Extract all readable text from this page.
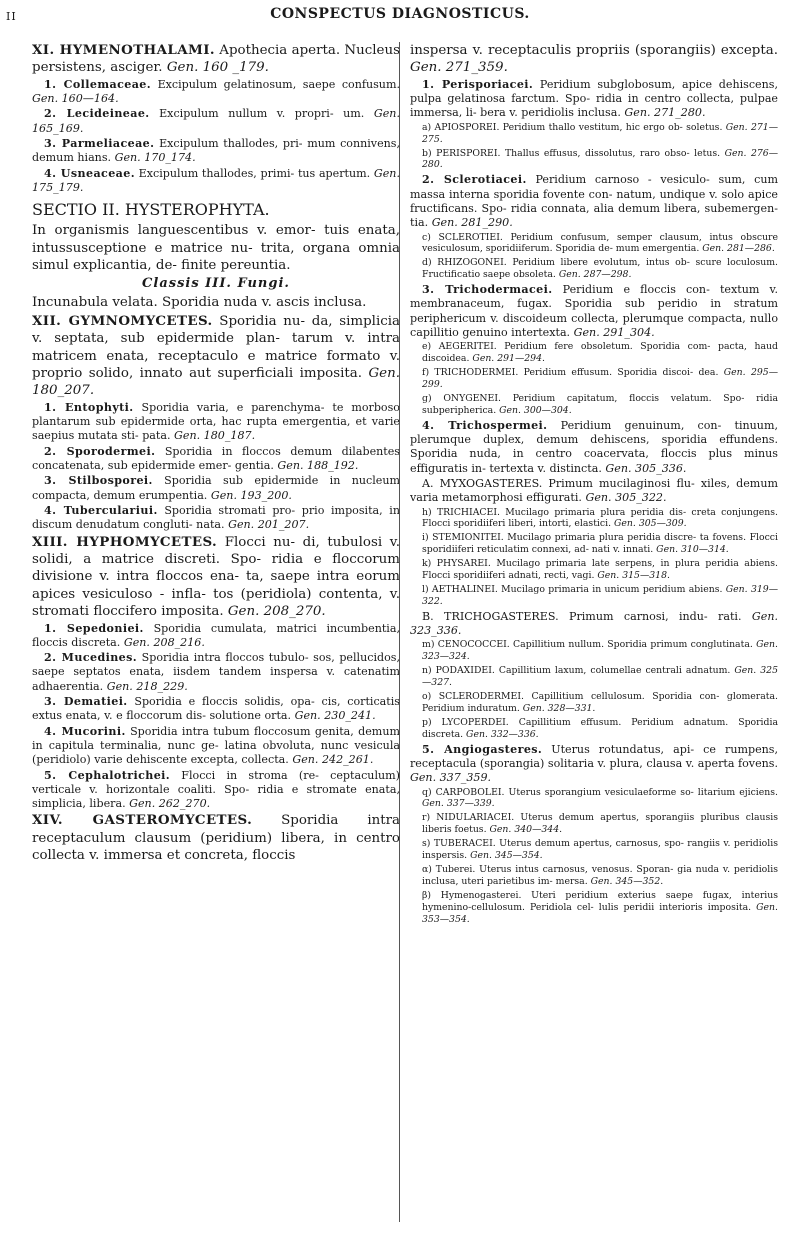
II	CONSPECTUS DIAGNOSTICUS.

XI. HYMENOTHALAMI. Apothecia aperta. Nucleus persistens, asciger. Gen. 160 _179.

1. Collemaceae. Excipulum gelatinosum, saepe confusum. Gen. 160—164.

2. Lecideineae. Excipulum nullum v. propri- um. Gen. 165_169.

3. Parmeliaceae. Excipulum thallodes, pri- mum connivens, demum hians. Gen. 170_174.

4. Usneaceae. Excipulum thallodes, primi- tus apertum. Gen. 175_179.

SECTIO II. HYSTEROPHYTA.

In organismis languescentibus v. emor- tuis enata, intussusceptione e matrice nu- trita, organa omnia simul explicantia, de- finite pereuntia.

Classis III. Fungi.

Incunabula velata. Sporidia nuda v. ascis inclusa.

XII. GYMNOMYCETES. Sporidia nu- da, simplicia v. septata, sub epidermide plan- tarum v. intra matricem enata, receptaculo e matrice formato v. proprio solido, innato aut superficiali imposita. Gen. 180_207.

1. Entophyti. Sporidia varia, e parenchyma- te morboso plantarum sub epidermide orta, hac rupta emergentia, et varie saepius mutata sti- pata. Gen. 180_187.

2. Sporodermei. Sporidia in floccos demum dilabentes concatenata, sub epidermide emer- gentia. Gen. 188_192.

3. Stilbosporei. Sporidia sub epidermide in nucleum compacta, demum erumpentia. Gen. 193_200.

4. Tuberculariui. Sporidia stromati pro- prio imposita, in discum denudatum congluti- nata. Gen. 201_207.

XIII. HYPHOMYCETES. Flocci nu- di, tubulosi v. solidi, a matrice discreti. Spo- ridia e floccorum divisione v. intra floccos ena- ta, saepe intra eorum apices vesiculoso - infla- tos (peridiola) contenta, v. stromati floccifero imposita. Gen. 208_270.

1. Sepedoniei. Sporidia cumulata, matrici incumbentia, floccis discreta. Gen. 208_216.

2. Mucedines. Sporidia intra floccos tubulo- sos, pellucidos, saepe septatos enata, iisdem tandem inspersa v. catenatim adhaerentia. Gen. 218_229.

3. Dematiei. Sporidia e floccis solidis, opa- cis, corticatis extus enata, v. e floccorum dis- solutione orta. Gen. 230_241.

4. Mucorini. Sporidia intra tubum floccosum genita, demum in capitula terminalia, nunc ge- latina obvoluta, nunc vesicula (peridiolo) varie dehiscente excepta, collecta. Gen. 242_261.

5. Cephalotrichei. Flocci in stroma (re- ceptaculum) verticale v. horizontale coaliti. Spo- ridia e stromate enata, simplicia, libera. Gen. 262_270.

XIV. GASTEROMYCETES. Sporidia intra receptaculum clausum (peridium) libera, in centro collecta v. immersa et concreta, floccis

inspersa v. receptaculis propriis (sporangiis) excepta. Gen. 271_359.

1. Perisporiacei. Peridium subglobosum, apice dehiscens, pulpa gelatinosa farctum. Spo- ridia in centro collecta, pulpae immersa, li- bera v. peridiolis inclusa. Gen. 271_280.

a) APIOSPOREI. Peridium thallo vestitum, hic ergo ob- soletus. Gen. 271—275.

b) PERISPOREI. Thallus effusus, dissolutus, raro obso- letus. Gen. 276—280.

2. Sclerotiacei. Peridium carnoso - vesiculo- sum, cum massa interna sporidia fovente con- natum, undique v. solo apice fructificans. Spo- ridia connata, alia demum libera, subemergen- tia. Gen. 281_290.

c) SCLEROTIEI. Peridium confusum, semper clausum, intus obscure vesiculosum, sporidiiferum. Sporidia de- mum emergentia. Gen. 281—286.

d) RHIZOGONEI. Peridium libere evolutum, intus ob- scure loculosum. Fructificatio saepe obsoleta. Gen. 287—298.

3. Trichodermacei. Peridium e floccis con- textum v. membranaceum, fugax. Sporidia sub peridio in stratum periphericum v. discoideum collecta, plerumque compacta, nullo capillitio genuino intertexta. Gen. 291_304.

e) AEGERITEI. Peridium fere obsoletum. Sporidia com- pacta, haud discoidea. Gen. 291—294.

f) TRICHODERMEI. Peridium effusum. Sporidia discoi- dea. Gen. 295—299.

g) ONYGENEI. Peridium capitatum, floccis velatum. Spo- ridia subperipherica. Gen. 300—304.

4. Trichospermei. Peridium genuinum, con- tinuum, plerumque duplex, demum dehiscens, sporidia effundens. Sporidia nuda, in centro coacervata, floccis plus minus effiguratis in- tertexta v. distincta. Gen. 305_336.

A. MYXOGASTERES. Primum mucilaginosi flu- xiles, demum varia metamorphosi effigurati. Gen. 305_322.

h) TRICHIACEI. Mucilago primaria plura peridia dis- creta conjungens. Flocci sporidiiferi liberi, intorti, elastici. Gen. 305—309.

i) STEMIONITEI. Mucilago primaria plura peridia discre- ta fovens. Flocci sporidiiferi reticulatim connexi, ad- nati v. innati. Gen. 310—314.

k) PHYSAREI. Mucilago primaria late serpens, in plura peridia abiens. Flocci sporidiiferi adnati, recti, vagi. Gen. 315—318.

l) AETHALINEI. Mucilago primaria in unicum peridium abiens. Gen. 319—322.

B. TRICHOGASTERES. Primum carnosi, indu- rati. Gen. 323_336.

m) CENOCOCCEI. Capillitium nullum. Sporidia primum conglutinata. Gen. 323—324.

n) PODAXIDEI. Capillitium laxum, columellae centrali adnatum. Gen. 325—327.

o) SCLERODERMEI. Capillitium cellulosum. Sporidia con- glomerata. Peridium induratum. Gen. 328—331.

p) LYCOPERDEI. Capillitium effusum. Peridium adnatum. Sporidia discreta. Gen. 332—336.

5. Angiogasteres. Uterus rotundatus, api- ce rumpens, receptacula (sporangia) solitaria v. plura, clausa v. aperta fovens. Gen. 337_359.

q) CARPOBOLEI. Uterus sporangium vesiculaeforme so- litarium ejiciens. Gen. 337—339.

r) NIDULARIACEI. Uterus demum apertus, sporangiis pluribus clausis liberis foetus. Gen. 340—344.

s) TUBERACEI. Uterus demum apertus, carnosus, spo- rangiis v. peridiolis inspersis. Gen. 345—354.

α) Tuberei. Uterus intus carnosus, venosus. Sporan- gia nuda v. peridiolis inclusa, uteri parietibus im- mersa. Gen. 345—352.

β) Hymenogasterei. Uteri peridium exterius saepe fugax, interius hymenino-cellulosum. Peridiola cel- lulis peridii interioris imposita. Gen. 353—354.
